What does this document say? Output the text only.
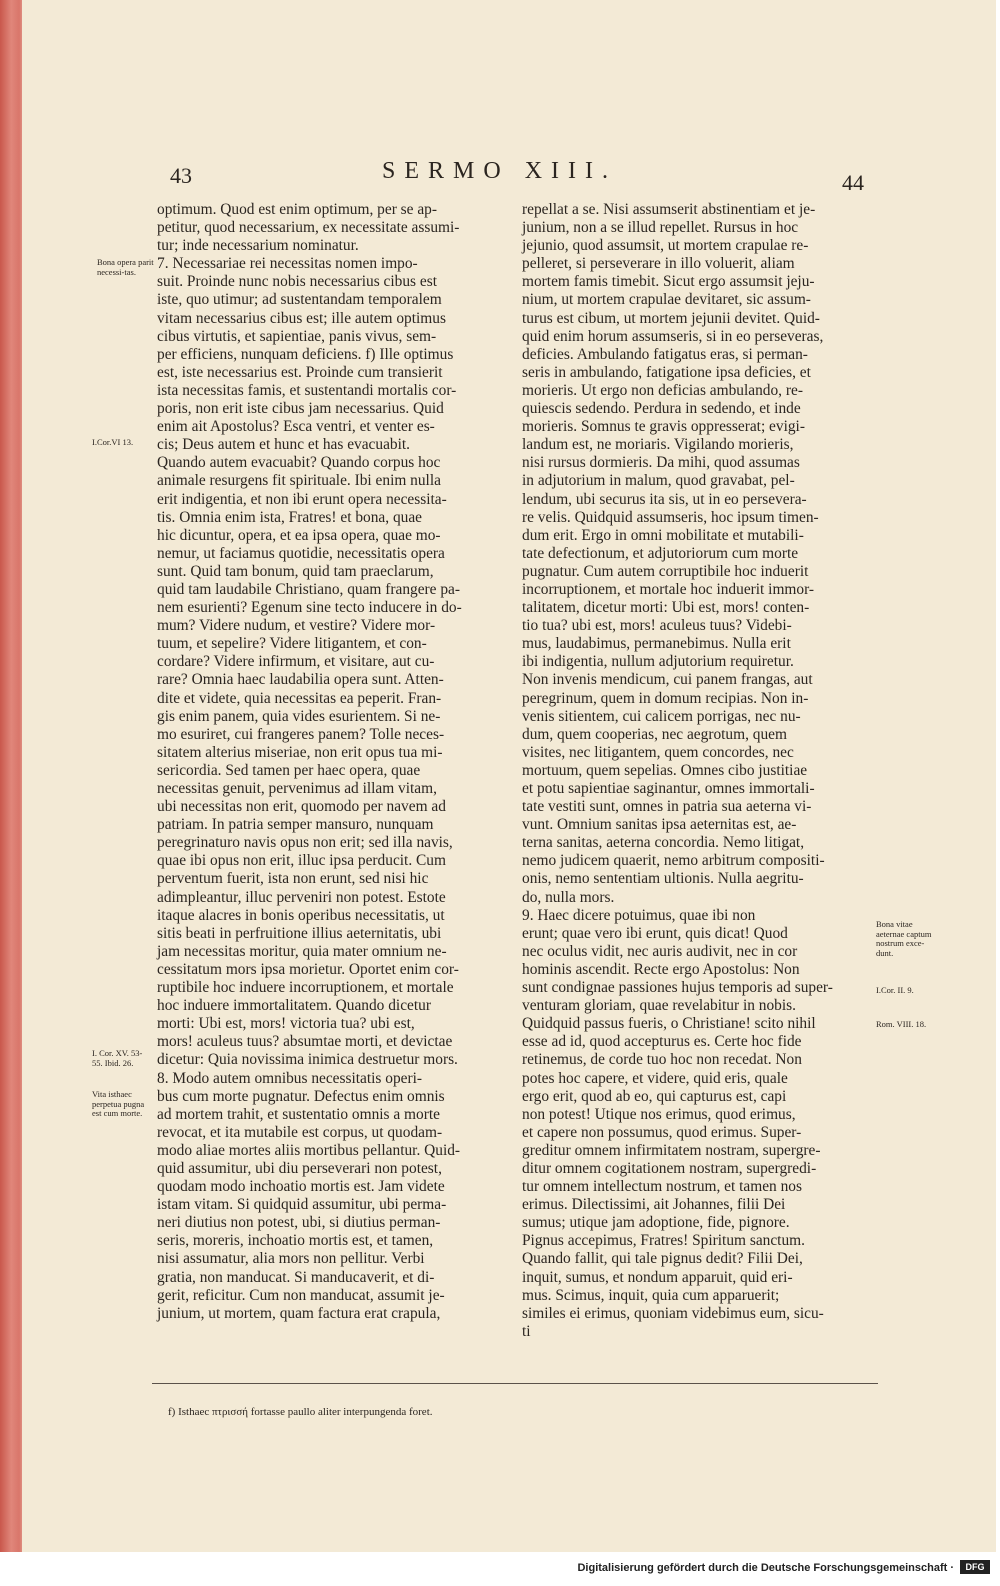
43	SERMO XIII.	44
Bona opera parit necessi-tas.
I.Cor.VI 13.
I. Cor. XV. 53-55. Ibid. 26.
Vita isthaec perpetua pugna est cum morte.
Bona vitae aeternae captum nostrum exce-dunt.
I.Cor. II. 9.
Rom. VIII. 18.
optimum. Quod est enim optimum, per se ap-
petitur, quod necessarium, ex necessitate assumi-
tur; inde necessarium nominatur.
7. Necessariae rei necessitas nomen impo-
suit. Proinde nunc nobis necessarius cibus est
iste, quo utimur; ad sustentandam temporalem
vitam necessarius cibus est; ille autem optimus
cibus virtutis, et sapientiae, panis vivus, sem-
per efficiens, nunquam deficiens. f) Ille optimus
est, iste necessarius est. Proinde cum transierit
ista necessitas famis, et sustentandi mortalis cor-
poris, non erit iste cibus jam necessarius. Quid
enim ait Apostolus? Esca ventri, et venter es-
cis; Deus autem et hunc et has evacuabit.
Quando autem evacuabit? Quando corpus hoc
animale resurgens fit spirituale. Ibi enim nulla
erit indigentia, et non ibi erunt opera necessita-
tis. Omnia enim ista, Fratres! et bona, quae
hic dicuntur, opera, et ea ipsa opera, quae mo-
nemur, ut faciamus quotidie, necessitatis opera
sunt. Quid tam bonum, quid tam praeclarum,
quid tam laudabile Christiano, quam frangere pa-
nem esurienti? Egenum sine tecto inducere in do-
mum? Videre nudum, et vestire? Videre mor-
tuum, et sepelire? Videre litigantem, et con-
cordare? Videre infirmum, et visitare, aut cu-
rare? Omnia haec laudabilia opera sunt. Atten-
dite et videte, quia necessitas ea peperit. Fran-
gis enim panem, quia vides esurientem. Si ne-
mo esuriret, cui frangeres panem? Tolle neces-
sitatem alterius miseriae, non erit opus tua mi-
sericordia. Sed tamen per haec opera, quae
necessitas genuit, pervenimus ad illam vitam,
ubi necessitas non erit, quomodo per navem ad
patriam. In patria semper mansuro, nunquam
peregrinaturo navis opus non erit; sed illa navis,
quae ibi opus non erit, illuc ipsa perducit. Cum
perventum fuerit, ista non erunt, sed nisi hic
adimpleantur, illuc perveniri non potest. Estote
itaque alacres in bonis operibus necessitatis, ut
sitis beati in perfruitione illius aeternitatis, ubi
jam necessitas moritur, quia mater omnium ne-
cessitatum mors ipsa morietur. Oportet enim cor-
ruptibile hoc induere incorruptionem, et mortale
hoc induere immortalitatem. Quando dicetur
morti: Ubi est, mors! victoria tua? ubi est,
mors! aculeus tuus? absumtae morti, et devictae
dicetur: Quia novissima inimica destruetur mors.
8. Modo autem omnibus necessitatis operi-
bus cum morte pugnatur. Defectus enim omnis
ad mortem trahit, et sustentatio omnis a morte
revocat, et ita mutabile est corpus, ut quodam-
modo aliae mortes aliis mortibus pellantur. Quid-
quid assumitur, ubi diu perseverari non potest,
quodam modo inchoatio mortis est. Jam videte
istam vitam. Si quidquid assumitur, ubi perma-
neri diutius non potest, ubi, si diutius perman-
seris, moreris, inchoatio mortis est, et tamen,
nisi assumatur, alia mors non pellitur. Verbi
gratia, non manducat. Si manducaverit, et di-
gerit, reficitur. Cum non manducat, assumit je-
junium, ut mortem, quam factura erat crapula,
repellat a se. Nisi assumserit abstinentiam et je-
junium, non a se illud repellet. Rursus in hoc
jejunio, quod assumsit, ut mortem crapulae re-
pelleret, si perseverare in illo voluerit, aliam
mortem famis timebit. Sicut ergo assumsit jeju-
nium, ut mortem crapulae devitaret, sic assum-
turus est cibum, ut mortem jejunii devitet. Quid-
quid enim horum assumseris, si in eo perseveras,
deficies. Ambulando fatigatus eras, si perman-
seris in ambulando, fatigatione ipsa deficies, et
morieris. Ut ergo non deficias ambulando, re-
quiescis sedendo. Perdura in sedendo, et inde
morieris. Somnus te gravis oppresserat; evigi-
landum est, ne moriaris. Vigilando morieris,
nisi rursus dormieris. Da mihi, quod assumas
in adjutorium in malum, quod gravabat, pel-
lendum, ubi securus ita sis, ut in eo persevera-
re velis. Quidquid assumseris, hoc ipsum timen-
dum erit. Ergo in omni mobilitate et mutabili-
tate defectionum, et adjutoriorum cum morte
pugnatur. Cum autem corruptibile hoc induerit
incorruptionem, et mortale hoc induerit immor-
talitatem, dicetur morti: Ubi est, mors! conten-
tio tua? ubi est, mors! aculeus tuus? Videbi-
mus, laudabimus, permanebimus. Nulla erit
ibi indigentia, nullum adjutorium requiretur.
Non invenis mendicum, cui panem frangas, aut
peregrinum, quem in domum recipias. Non in-
venis sitientem, cui calicem porrigas, nec nu-
dum, quem cooperias, nec aegrotum, quem
visites, nec litigantem, quem concordes, nec
mortuum, quem sepelias. Omnes cibo justitiae
et potu sapientiae saginantur, omnes immortali-
tate vestiti sunt, omnes in patria sua aeterna vi-
vunt. Omnium sanitas ipsa aeternitas est, ae-
terna sanitas, aeterna concordia. Nemo litigat,
nemo judicem quaerit, nemo arbitrum compositi-
onis, nemo sententiam ultionis. Nulla aegritu-
do, nulla mors.
9. Haec dicere potuimus, quae ibi non
erunt; quae vero ibi erunt, quis dicat! Quod
nec oculus vidit, nec auris audivit, nec in cor
hominis ascendit. Recte ergo Apostolus: Non
sunt condignae passiones hujus temporis ad super-
venturam gloriam, quae revelabitur in nobis.
Quidquid passus fueris, o Christiane! scito nihil
esse ad id, quod accepturus es. Certe hoc fide
retinemus, de corde tuo hoc non recedat. Non
potes hoc capere, et videre, quid eris, quale
ergo erit, quod ab eo, qui capturus est, capi
non potest! Utique nos erimus, quod erimus,
et capere non possumus, quod erimus. Super-
greditur omnem infirmitatem nostram, supergre-
ditur omnem cogitationem nostram, supergredi-
tur omnem intellectum nostrum, et tamen nos
erimus. Dilectissimi, ait Johannes, filii Dei
sumus; utique jam adoptione, fide, pignore.
Pignus accepimus, Fratres! Spiritum sanctum.
Quando fallit, qui tale pignus dedit? Filii Dei,
inquit, sumus, et nondum apparuit, quid eri-
mus. Scimus, inquit, quia cum apparuerit;
similes ei erimus, quoniam videbimus eum, sicu-
ti
f) Isthaec πτρισσή fortasse paullo aliter interpungenda foret.
Digitalisierung gefördert durch die Deutsche Forschungsgemeinschaft ·	DFG
